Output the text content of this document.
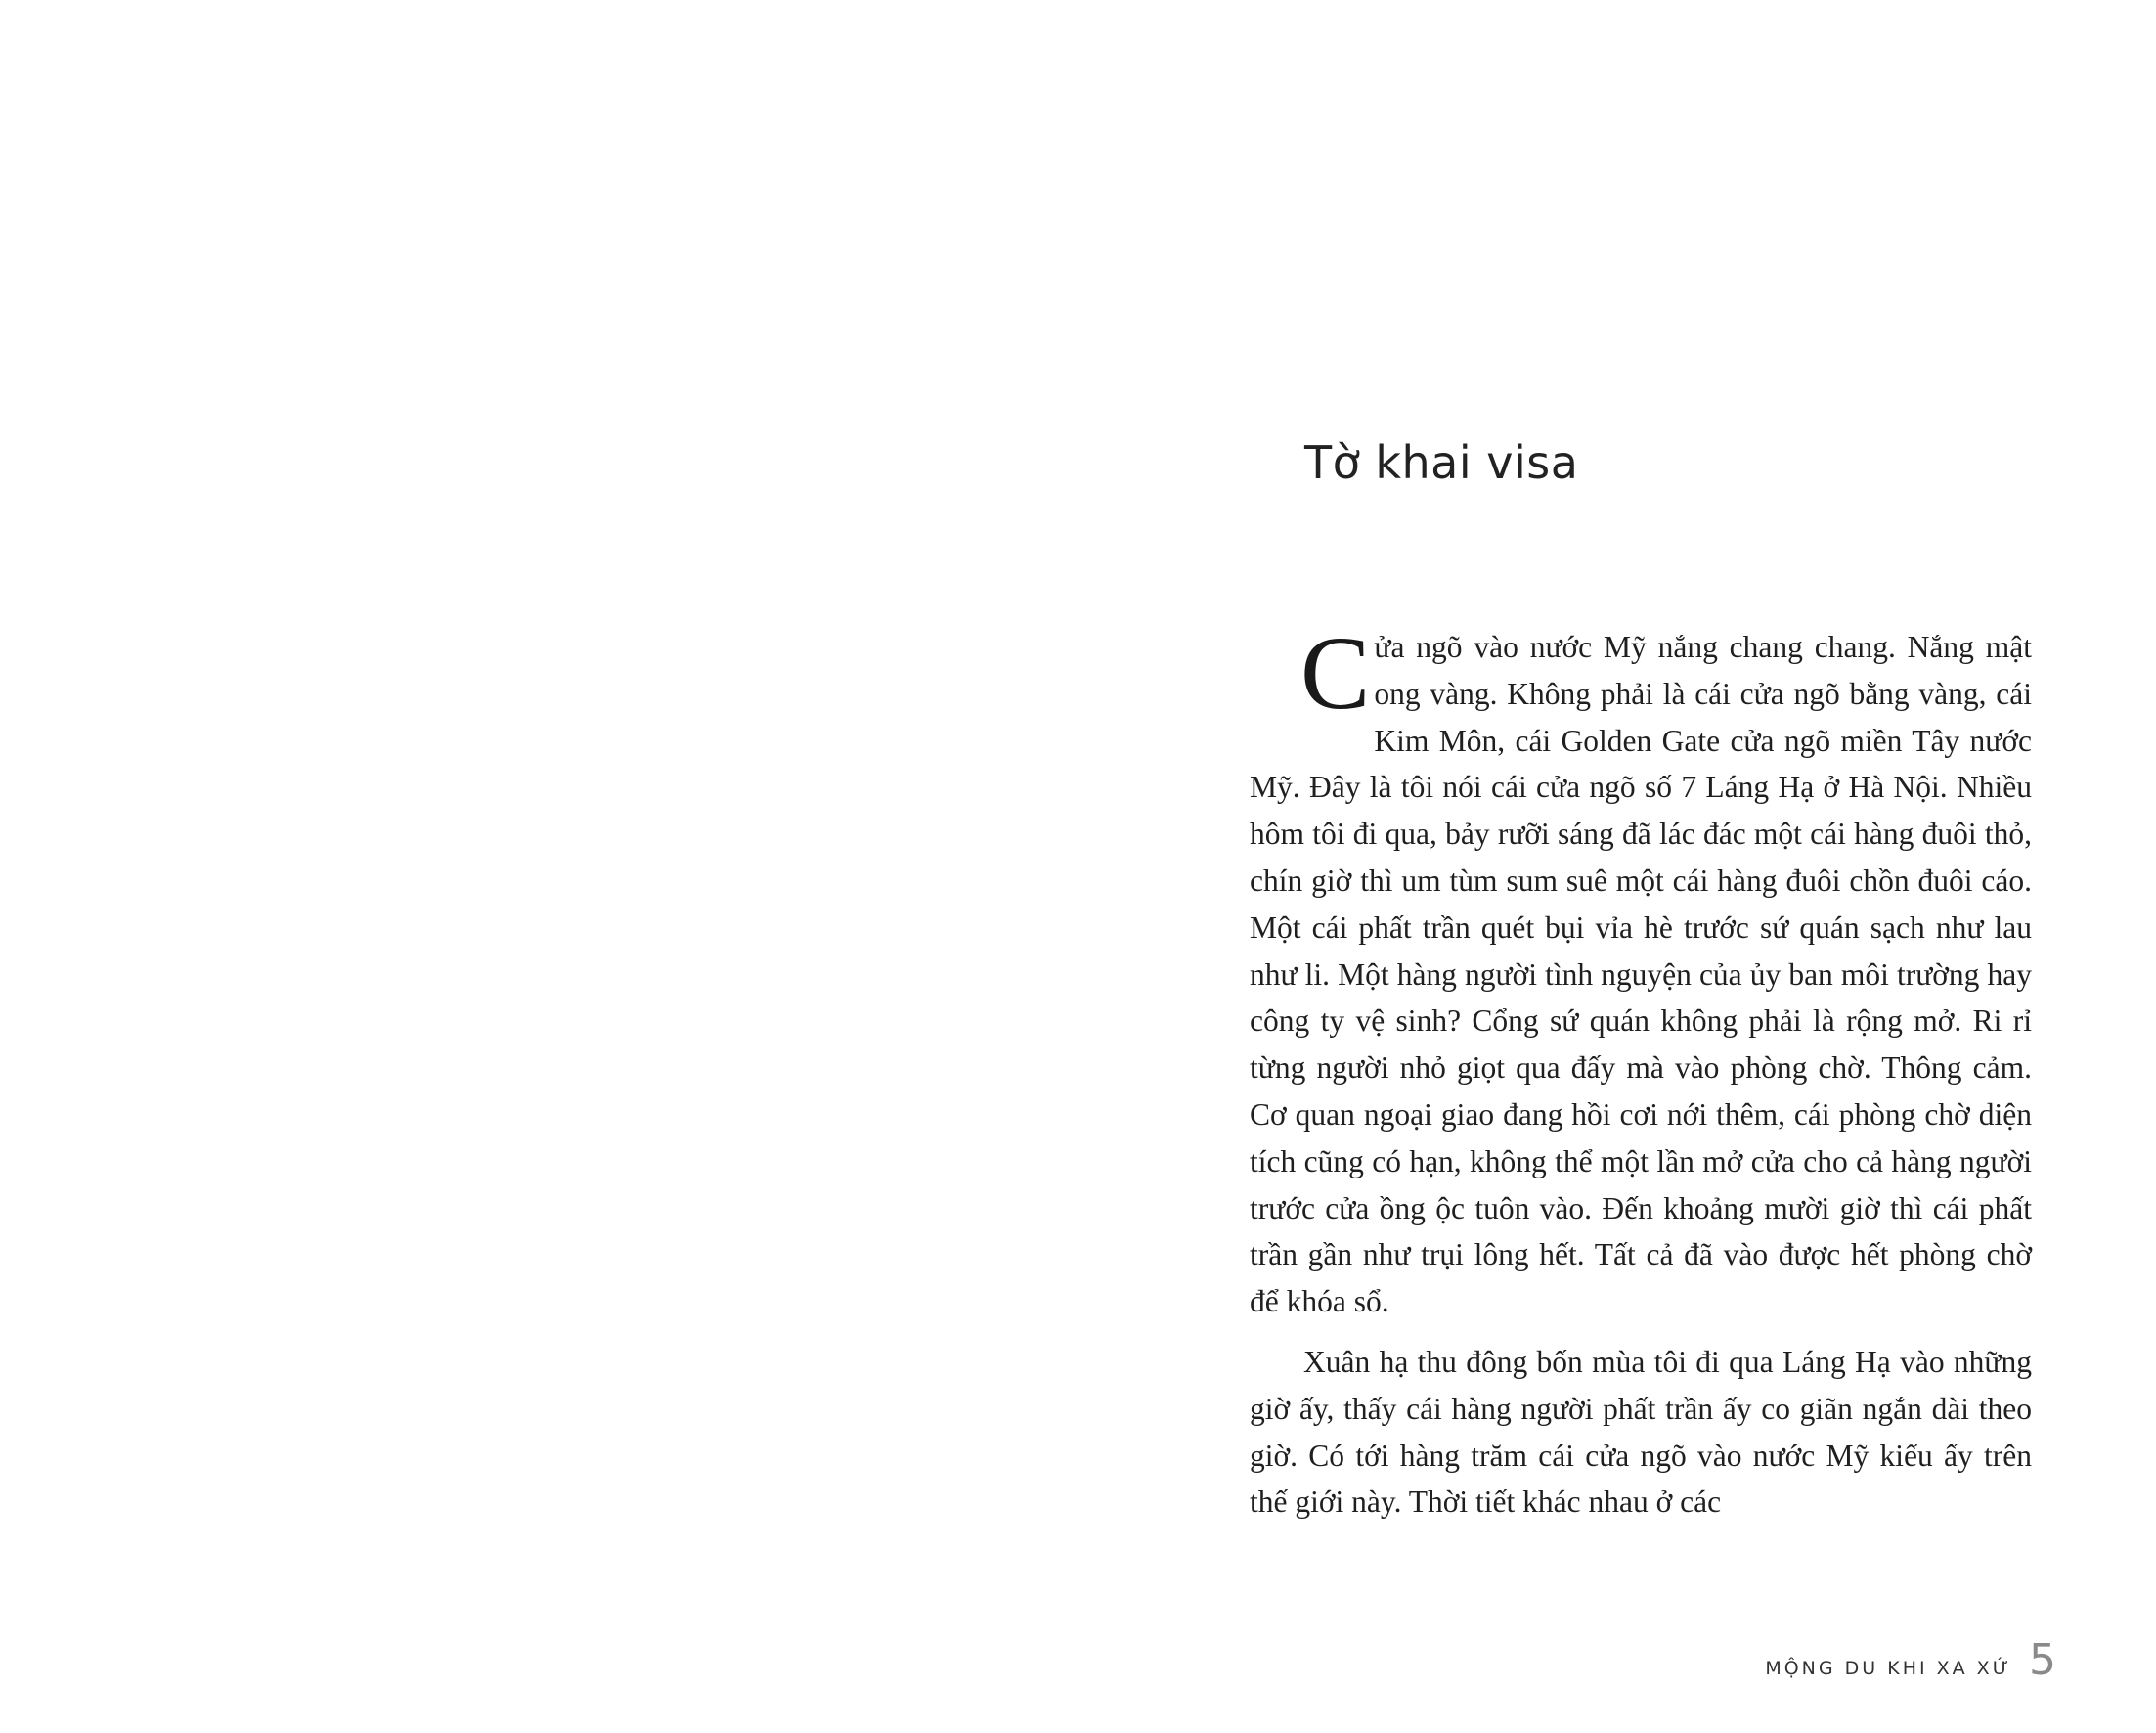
Tờ khai visa

Cửa ngõ vào nước Mỹ nắng chang chang. Nắng mật ong vàng. Không phải là cái cửa ngõ bằng vàng, cái Kim Môn, cái Golden Gate cửa ngõ miền Tây nước Mỹ. Đây là tôi nói cái cửa ngõ số 7 Láng Hạ ở Hà Nội. Nhiều hôm tôi đi qua, bảy rưỡi sáng đã lác đác một cái hàng đuôi thỏ, chín giờ thì um tùm sum suê một cái hàng đuôi chồn đuôi cáo. Một cái phất trần quét bụi vỉa hè trước sứ quán sạch như lau như li. Một hàng người tình nguyện của ủy ban môi trường hay công ty vệ sinh? Cổng sứ quán không phải là rộng mở. Ri rỉ từng người nhỏ giọt qua đấy mà vào phòng chờ. Thông cảm. Cơ quan ngoại giao đang hồi cơi nới thêm, cái phòng chờ diện tích cũng có hạn, không thể một lần mở cửa cho cả hàng người trước cửa ồng ộc tuôn vào. Đến khoảng mười giờ thì cái phất trần gần như trụi lông hết. Tất cả đã vào được hết phòng chờ để khóa sổ.

Xuân hạ thu đông bốn mùa tôi đi qua Láng Hạ vào những giờ ấy, thấy cái hàng người phất trần ấy co giãn ngắn dài theo giờ. Có tới hàng trăm cái cửa ngõ vào nước Mỹ kiểu ấy trên thế giới này. Thời tiết khác nhau ở các

MỘNG DU KHI XA XỨ 5
